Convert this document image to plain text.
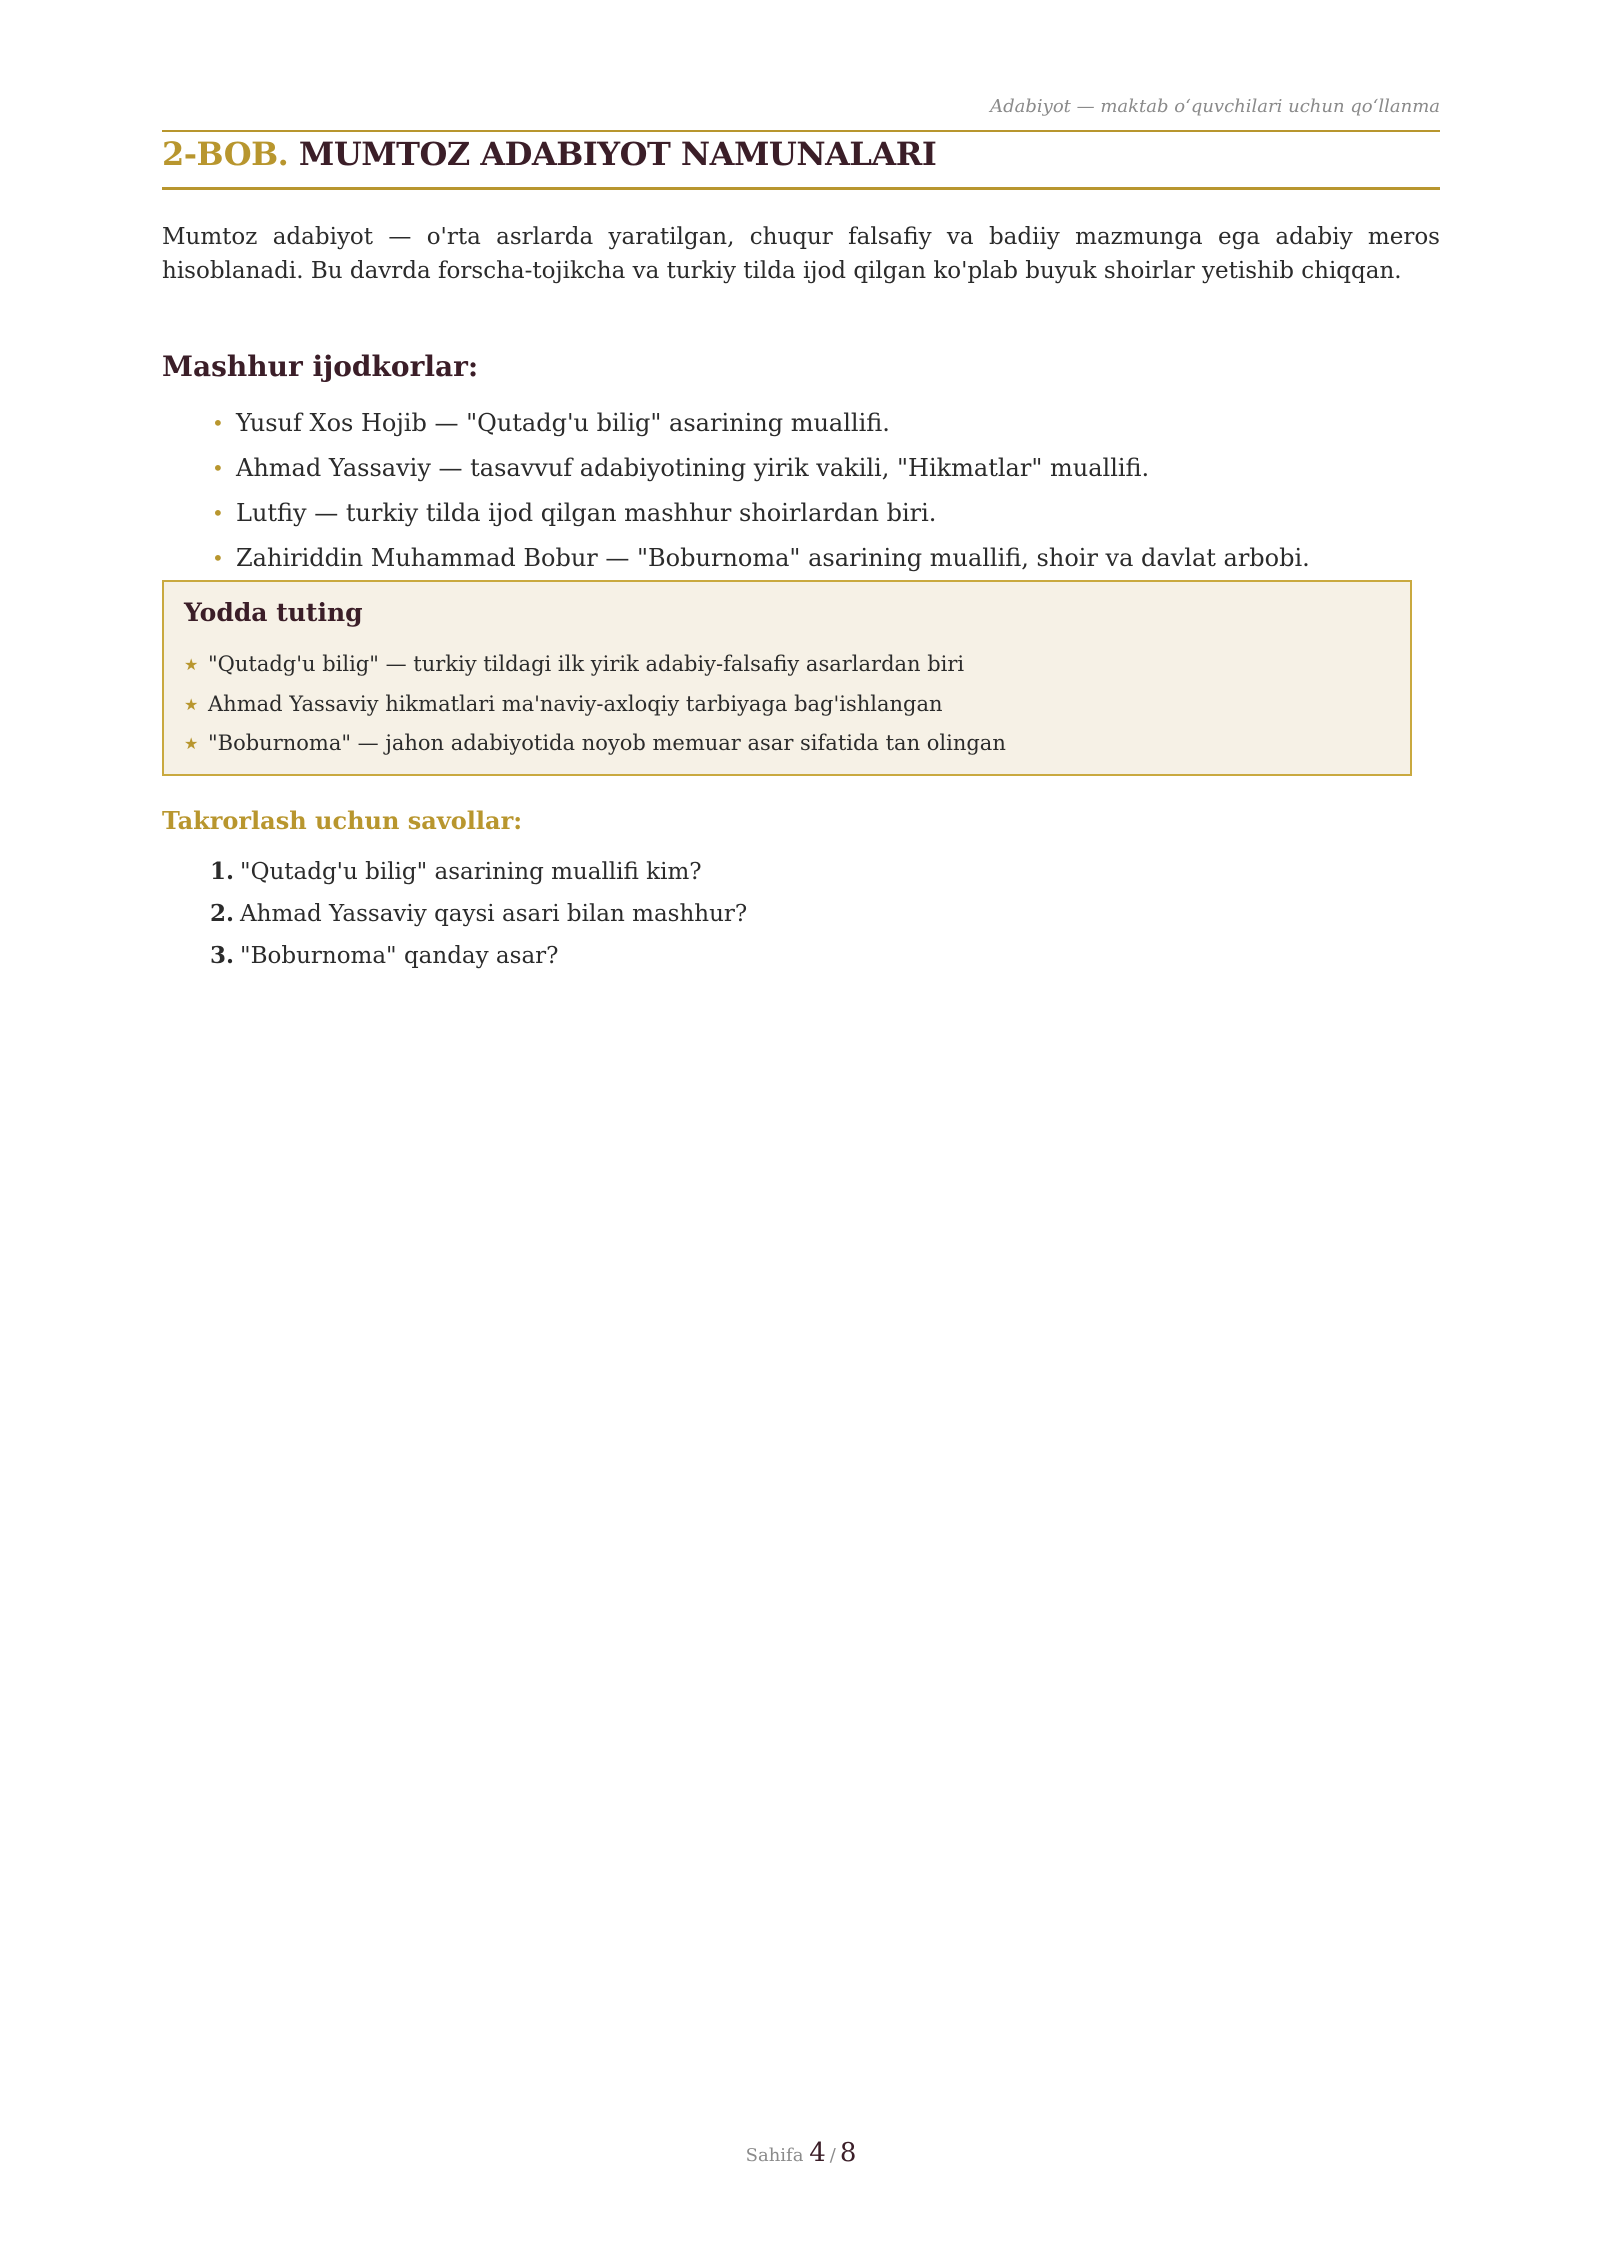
Adabiyot — maktab o‘quvchilari uchun qo‘llanma
2-BOB. MUMTOZ ADABIYOT NAMUNALARI
Mumtoz adabiyot — o'rta asrlarda yaratilgan, chuqur falsafiy va badiiy mazmunga ega adabiy meros hisoblanadi. Bu davrda forscha-tojikcha va turkiy tilda ijod qilgan ko'plab buyuk shoirlar yetishib chiqqan.
Mashhur ijodkorlar:
• Yusuf Xos Hojib — "Qutadg'u bilig" asarining muallifi.
• Ahmad Yassaviy — tasavvuf adabiyotining yirik vakili, "Hikmatlar" muallifi.
• Lutfiy — turkiy tilda ijod qilgan mashhur shoirlardan biri.
• Zahiriddin Muhammad Bobur — "Boburnoma" asarining muallifi, shoir va davlat arbobi.
Yodda tuting
★ "Qutadg'u bilig" — turkiy tildagi ilk yirik adabiy-falsafiy asarlardan biri
★ Ahmad Yassaviy hikmatlari ma'naviy-axloqiy tarbiyaga bag'ishlangan
★ "Boburnoma" — jahon adabiyotida noyob memuar asar sifatida tan olingan
Takrorlash uchun savollar:
1. "Qutadg'u bilig" asarining muallifi kim?
2. Ahmad Yassaviy qaysi asari bilan mashhur?
3. "Boburnoma" qanday asar?
Sahifa 4 / 8
